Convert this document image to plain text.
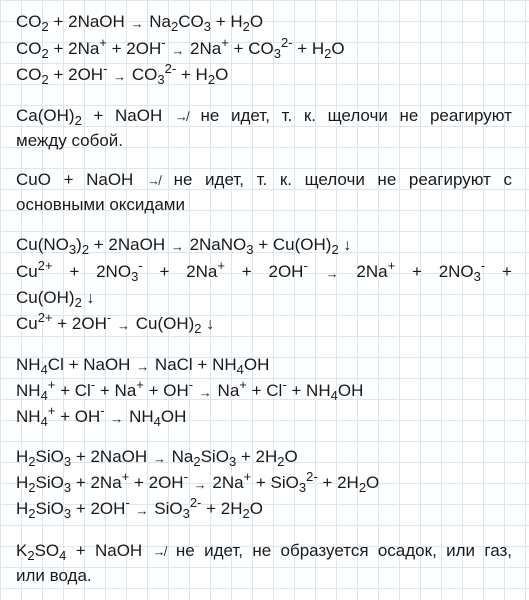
$CO_2$ + 2NaOH → $Na_2CO_3 + H_2O$
$CO_2 + 2Na^+ + 2OH^- \to 2Na^+ + CO_3^{2-} + H_2O$
$CO_2 + 2OH^- \to CO_3^{2-} + H_2O$
$Ca(OH)_2$ + NaOH ↛ не идет, т. к. щелочи не реагируют
между собой.
CuO + NaOH ↛ не идет, т. к. щелочи не реагируют с
основными оксидами
$Cu(NO_3)_2$ + 2NaOH → 2NaNO$_3$ + $Cu(OH)_2$ ↓
$Cu^{2+} + 2NO_3^- + 2Na^+ + 2OH^- \to 2Na^+ + 2NO_3^-$ +
$Cu(OH)_2$ ↓
$Cu^{2+} + 2OH^- \to Cu(OH)_2$ ↓
$NH_4Cl$ + NaOH → NaCl + $NH_4OH$
$NH_4^+ + Cl^- + Na^+ + OH^- \to Na^+ + Cl^- + NH_4OH$
$NH_4^+ + OH^- \to NH_4OH$
$H_2SiO_3$ + 2NaOH → $Na_2SiO_3 + 2H_2O$
$H_2SiO_3 + 2Na^+ + 2OH^- \to 2Na^+ + SiO_3^{2-} + 2H_2O$
$H_2SiO_3 + 2OH^- \to SiO_3^{2-} + 2H_2O$
$K_2SO_4$ + NaOH ↛ не идет, не образуется осадок, или газ,
или вода.
